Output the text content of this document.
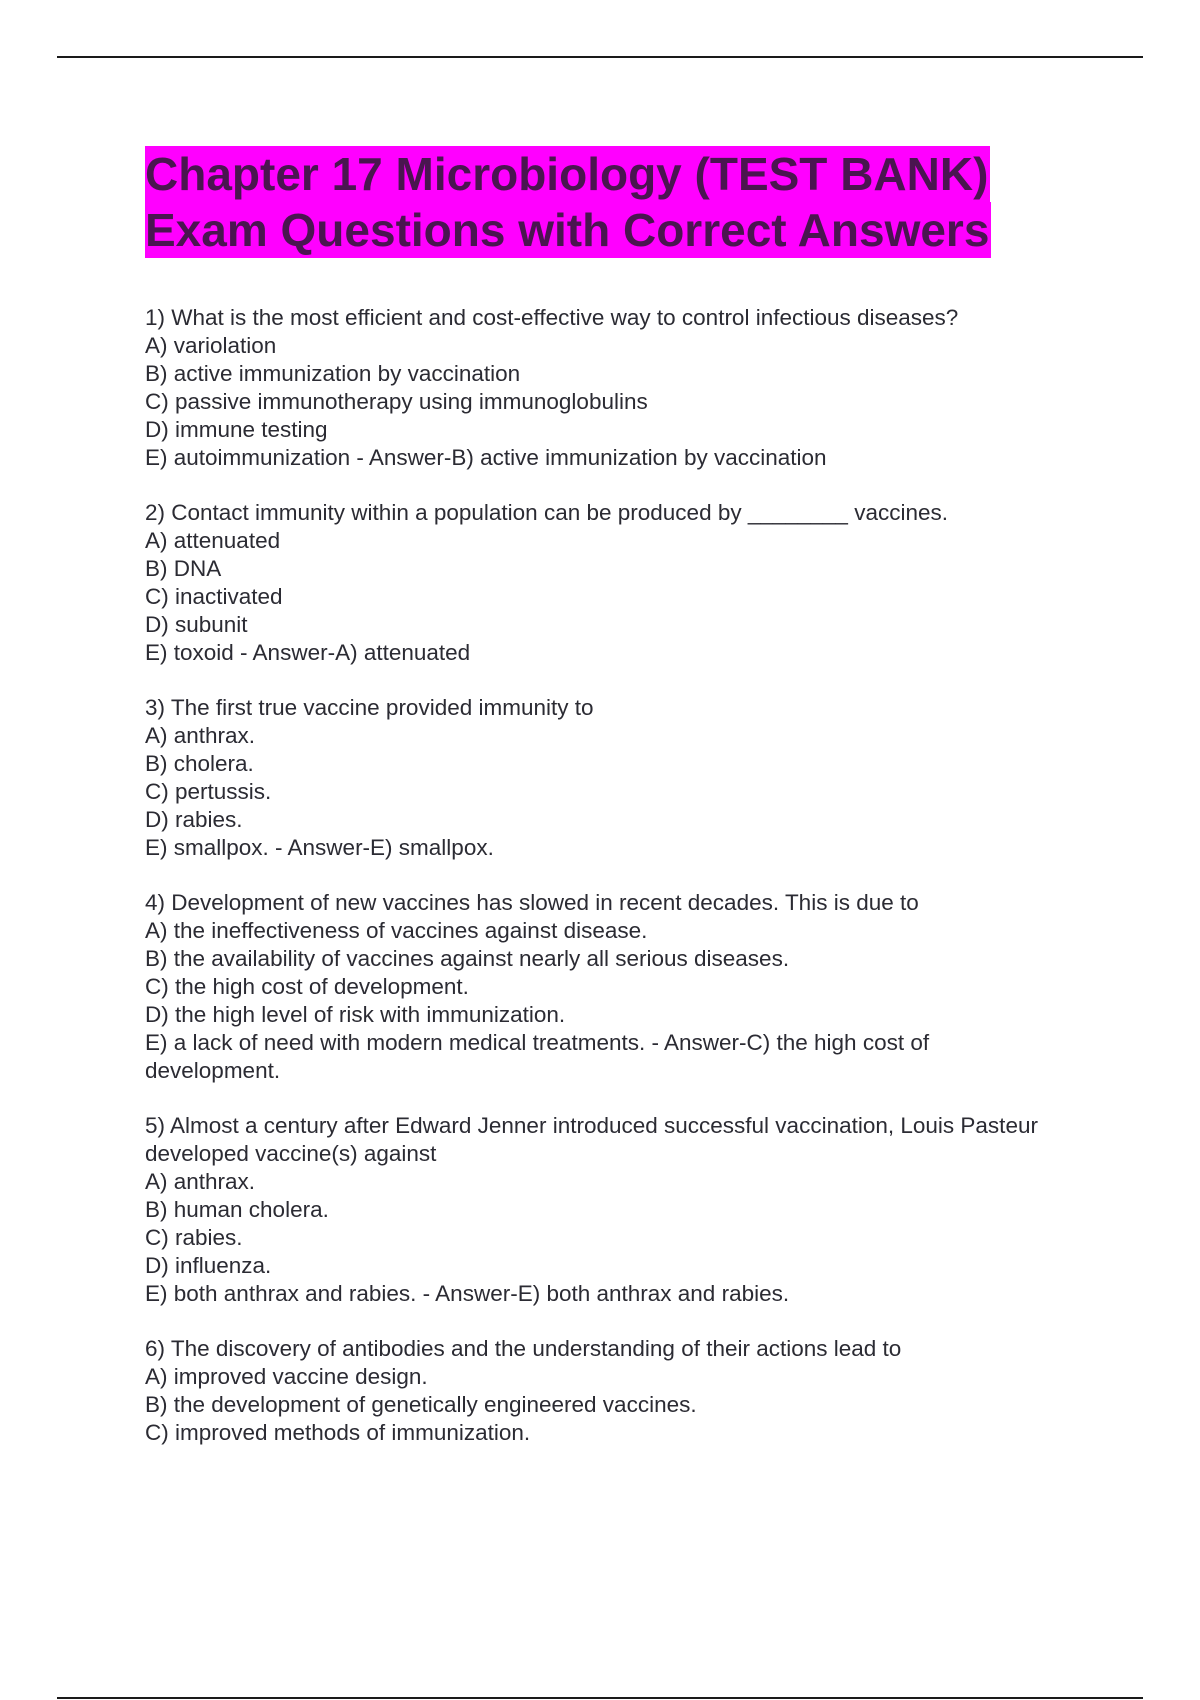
Chapter 17 Microbiology (TEST BANK)
Exam Questions with Correct Answers
1) What is the most efficient and cost-effective way to control infectious diseases?
A) variolation
B) active immunization by vaccination
C) passive immunotherapy using immunoglobulins
D) immune testing
E) autoimmunization - Answer-B) active immunization by vaccination
2) Contact immunity within a population can be produced by ________ vaccines.
A) attenuated
B) DNA
C) inactivated
D) subunit
E) toxoid - Answer-A) attenuated
3) The first true vaccine provided immunity to
A) anthrax.
B) cholera.
C) pertussis.
D) rabies.
E) smallpox. - Answer-E) smallpox.
4) Development of new vaccines has slowed in recent decades. This is due to
A) the ineffectiveness of vaccines against disease.
B) the availability of vaccines against nearly all serious diseases.
C) the high cost of development.
D) the high level of risk with immunization.
E) a lack of need with modern medical treatments. - Answer-C) the high cost of development.
5) Almost a century after Edward Jenner introduced successful vaccination, Louis Pasteur developed vaccine(s) against
A) anthrax.
B) human cholera.
C) rabies.
D) influenza.
E) both anthrax and rabies. - Answer-E) both anthrax and rabies.
6) The discovery of antibodies and the understanding of their actions lead to
A) improved vaccine design.
B) the development of genetically engineered vaccines.
C) improved methods of immunization.
